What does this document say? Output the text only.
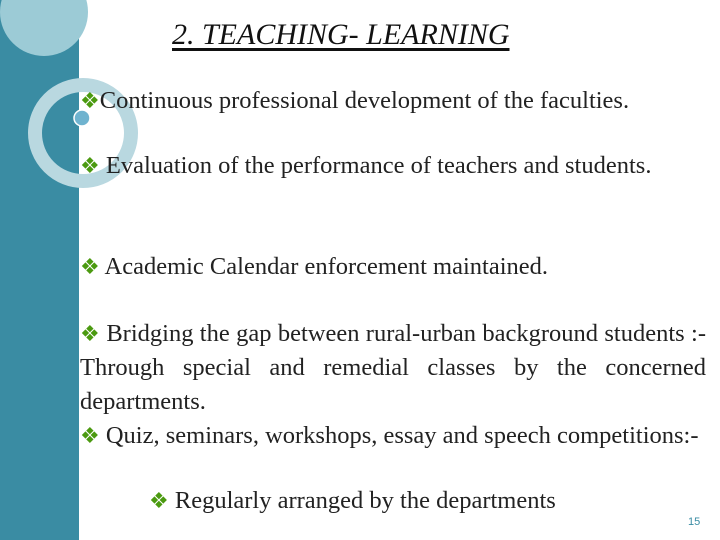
2. TEACHING- LEARNING

❖Continuous professional development of the faculties.

❖ Evaluation of the performance of teachers and students.

❖ Academic Calendar enforcement maintained.

❖ Bridging the gap between rural-urban background students :- Through special and remedial classes by the concerned departments.

❖ Quiz, seminars, workshops, essay and speech competitions:-

❖ Regularly arranged by the departments

15
